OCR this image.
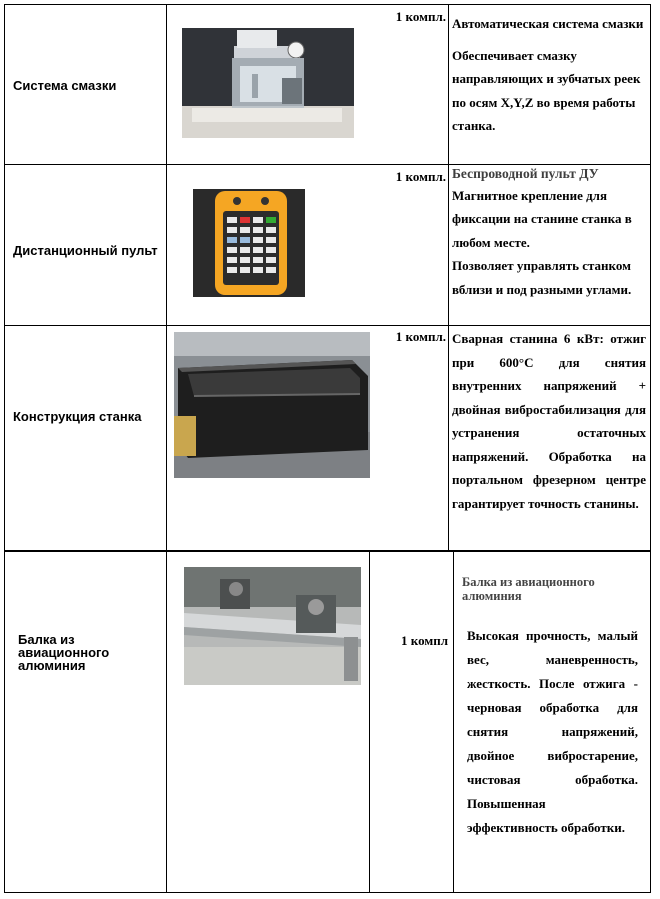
Система смазки
1 компл. Автоматическая система смазки

Обеспечивает смазку направляющих и зубчатых реек по осям X,Y,Z во время работы станка.

Дистанционный пульт
1 компл. Беспроводной пульт ДУ

Магнитное крепление для фиксации на станине станка в любом месте.

Позволяет управлять станком вблизи и под разными углами.

Конструкция станка
1 компл. Сварная станина 6 кВт: отжиг при 600°С для снятия внутренних напряжений + двойная вибростабилизация для устранения остаточных напряжений. Обработка на портальном фрезерном центре гарантирует точность станины.
Балка из авиационного алюминия
1 компл
Балка из авиационного алюминия
Высокая прочность, малый вес, маневренность, жесткость. После отжига - черновая обработка для снятия напряжений, двойное вибростарение, чистовая обработка. Повышенная эффективность обработки.
